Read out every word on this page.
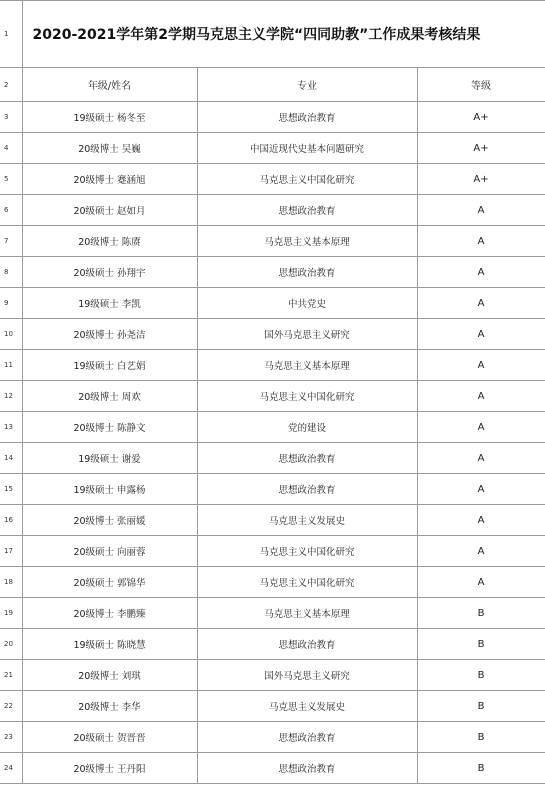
1	2020-2021学年第2学期马克思主义学院“四同助教”工作成果考核结果		
2	年级/姓名	专业	等级
3	19级硕士 杨冬至	思想政治教育	A+
4	20级博士 吴巍	中国近现代史基本问题研究	A+
5	20级博士 蹇涵旭	马克思主义中国化研究	A+
6	20级硕士 赵如月	思想政治教育	A
7	20级博士 陈赓	马克思主义基本原理	A
8	20级硕士 孙翔宇	思想政治教育	A
9	19级硕士 李凯	中共党史	A
10	20级博士 孙尧洁	国外马克思主义研究	A
11	19级硕士 白艺娟	马克思主义基本原理	A
12	20级博士 周欢	马克思主义中国化研究	A
13	20级博士 陈静文	党的建设	A
14	19级硕士 谢爱	思想政治教育	A
15	19级硕士 申露杨	思想政治教育	A
16	20级博士 张丽媛	马克思主义发展史	A
17	20级硕士 向丽蓉	马克思主义中国化研究	A
18	20级硕士 郭锦华	马克思主义中国化研究	A
19	20级博士 李鹏臻	马克思主义基本原理	B
20	19级硕士 陈晓慧	思想政治教育	B
21	20级博士 刘琪	国外马克思主义研究	B
22	20级博士 李华	马克思主义发展史	B
23	20级硕士 贺晋晋	思想政治教育	B
24	20级博士 王丹阳	思想政治教育	B
